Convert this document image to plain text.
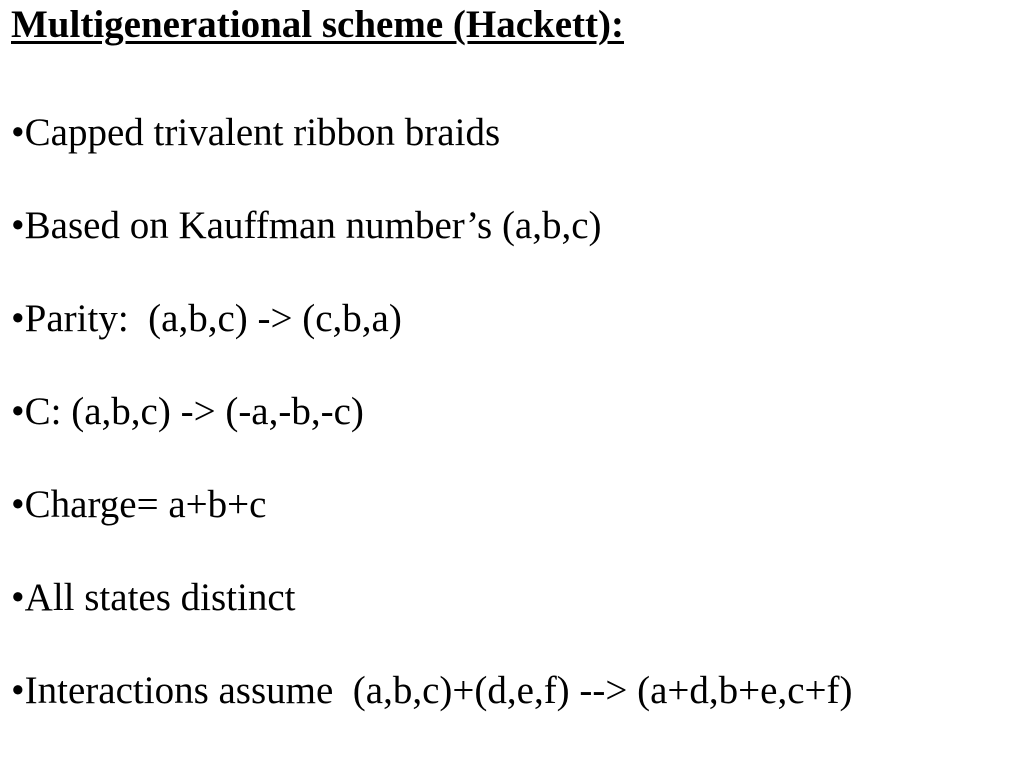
Multigenerational scheme (Hackett):
•Capped trivalent ribbon braids
•Based on Kauffman number’s (a,b,c)
•Parity:  (a,b,c) -> (c,b,a)
•C: (a,b,c) -> (-a,-b,-c)
•Charge= a+b+c
•All states distinct
•Interactions assume  (a,b,c)+(d,e,f) --> (a+d,b+e,c+f)
